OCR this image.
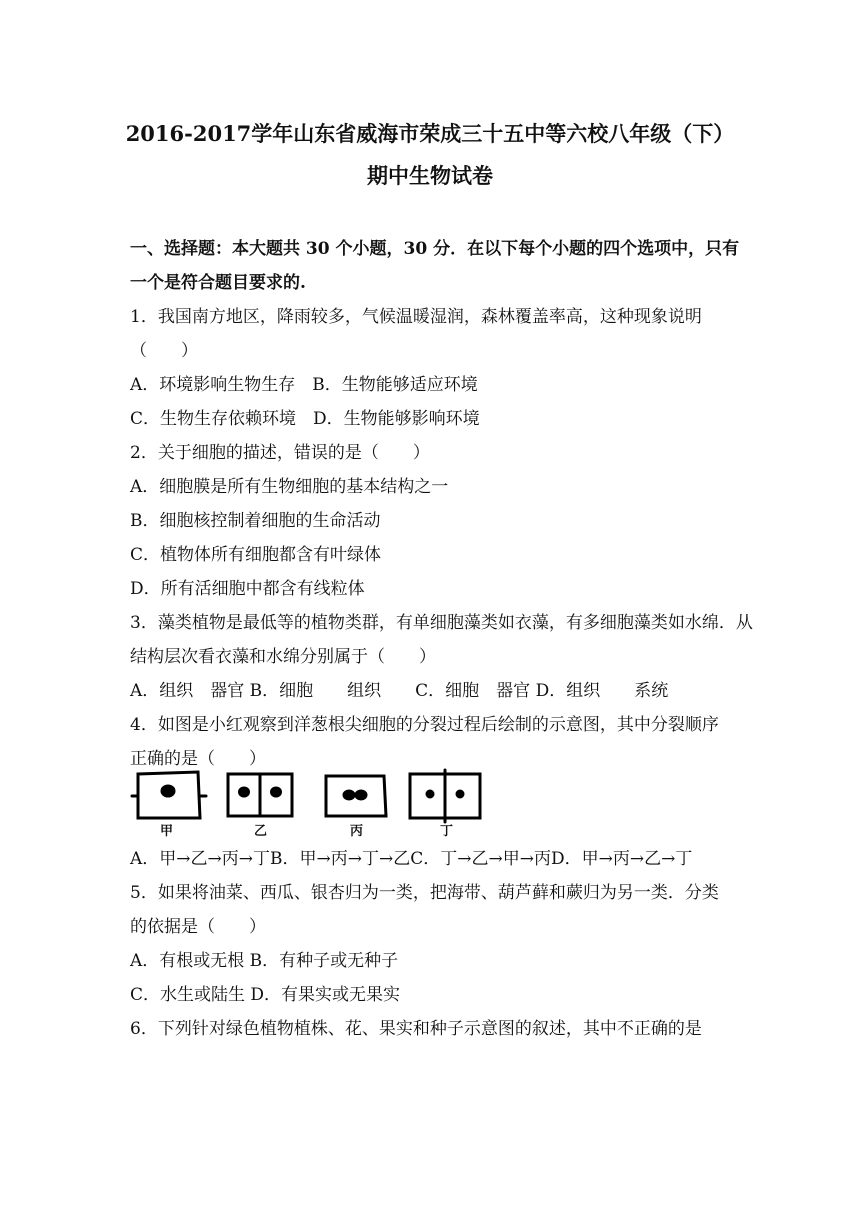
2016-2017学年山东省威海市荣成三十五中等六校八年级（下）
期中生物试卷
一、选择题：本大题共 30 个小题，30 分．在以下每个小题的四个选项中，只有
一个是符合题目要求的.
1．我国南方地区，降雨较多，气候温暖湿润，森林覆盖率高，这种现象说明
（　　）
A．环境影响生物生存　B．生物能够适应环境
C．生物生存依赖环境　D．生物能够影响环境
2．关于细胞的描述，错误的是（　　）
A．细胞膜是所有生物细胞的基本结构之一
B．细胞核控制着细胞的生命活动
C．植物体所有细胞都含有叶绿体
D．所有活细胞中都含有线粒体
3．藻类植物是最低等的植物类群，有单细胞藻类如衣藻，有多细胞藻类如水绵．从
结构层次看衣藻和水绵分别属于（　　）
A．组织　器官 B．细胞　　组织　　C．细胞　器官 D．组织　　系统
4．如图是小红观察到洋葱根尖细胞的分裂过程后绘制的示意图，其中分裂顺序
正确的是（　　）
甲	乙	丙	丁
A．甲→乙→丙→丁B．甲→丙→丁→乙C．丁→乙→甲→丙D．甲→丙→乙→丁
5．如果将油菜、西瓜、银杏归为一类，把海带、葫芦藓和蕨归为另一类．分类
的依据是（　　）
A．有根或无根 B．有种子或无种子
C．水生或陆生 D．有果实或无果实
6．下列针对绿色植物植株、花、果实和种子示意图的叙述，其中不正确的是
